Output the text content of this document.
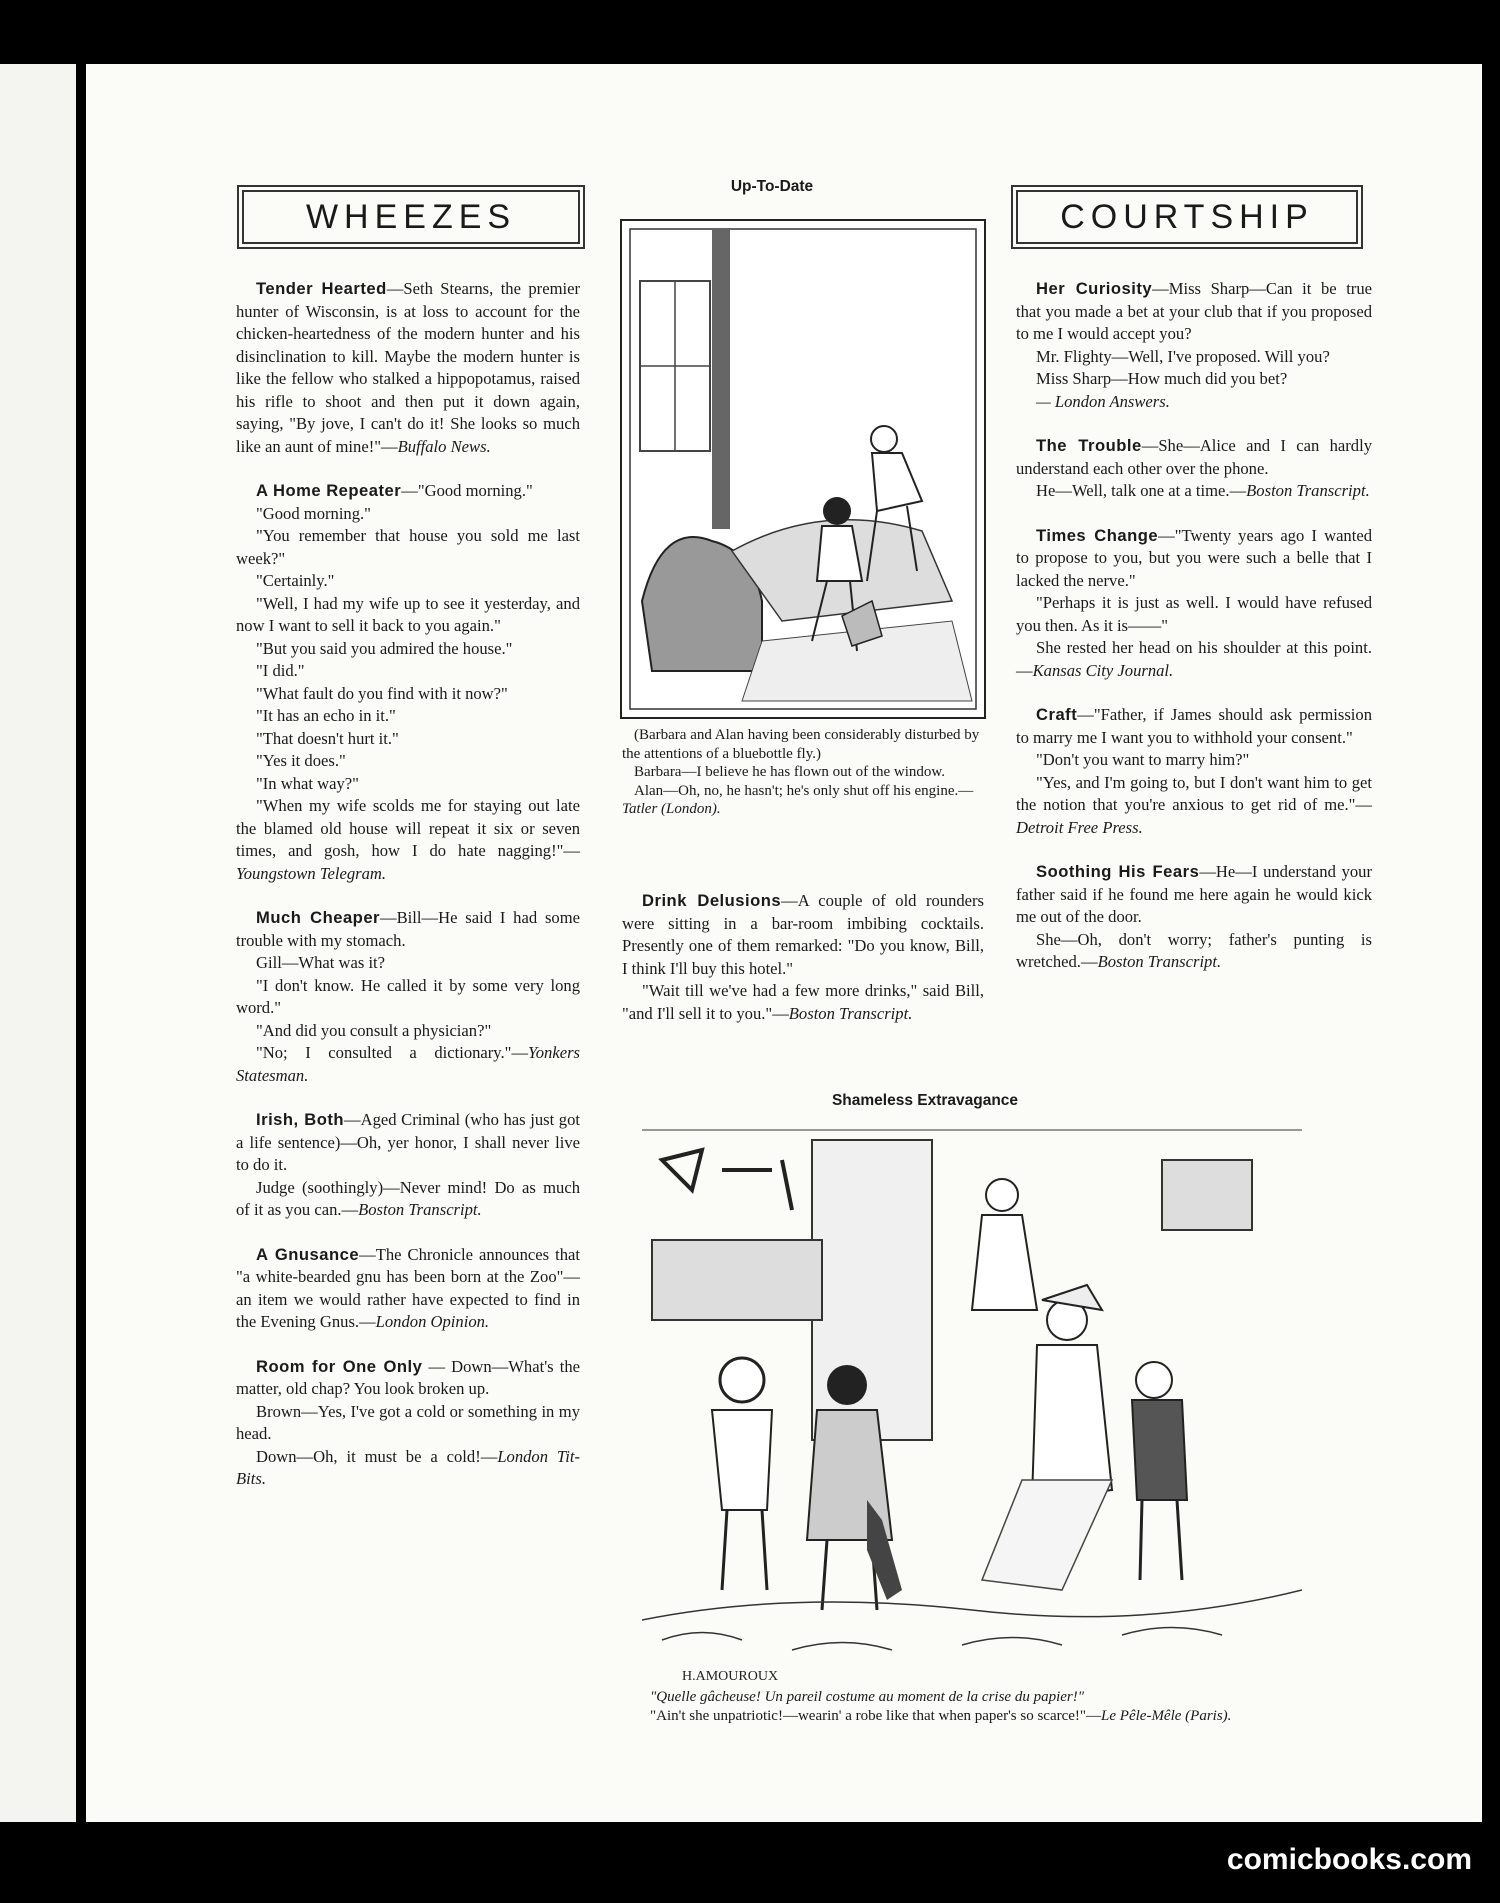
WHEEZES

Tender Hearted—Seth Stearns, the premier hunter of Wisconsin, is at loss to account for the chicken-heartedness of the modern hunter and his disinclination to kill. Maybe the modern hunter is like the fellow who stalked a hippopotamus, raised his rifle to shoot and then put it down again, saying, "By jove, I can't do it! She looks so much like an aunt of mine!"—Buffalo News.

A Home Repeater—"Good morning."

"Good morning."

"You remember that house you sold me last week?"

"Certainly."

"Well, I had my wife up to see it yesterday, and now I want to sell it back to you again."

"But you said you admired the house."

"I did."

"What fault do you find with it now?"

"It has an echo in it."

"That doesn't hurt it."

"Yes it does."

"In what way?"

"When my wife scolds me for staying out late the blamed old house will repeat it six or seven times, and gosh, how I do hate nagging!"—Youngstown Telegram.

Much Cheaper—Bill—He said I had some trouble with my stomach.

Gill—What was it?

"I don't know. He called it by some very long word."

"And did you consult a physician?"

"No; I consulted a dictionary."—Yonkers Statesman.

Irish, Both—Aged Criminal (who has just got a life sentence)—Oh, yer honor, I shall never live to do it.

Judge (soothingly)—Never mind! Do as much of it as you can.—Boston Transcript.

A Gnusance—The Chronicle announces that "a white-bearded gnu has been born at the Zoo"—an item we would rather have expected to find in the Evening Gnus.—London Opinion.

Room for One Only — Down—What's the matter, old chap? You look broken up.

Brown—Yes, I've got a cold or something in my head.

Down—Oh, it must be a cold!—London Tit-Bits.

Up-To-Date

(Barbara and Alan having been considerably disturbed by the attentions of a bluebottle fly.)

Barbara—I believe he has flown out of the window.

Alan—Oh, no, he hasn't; he's only shut off his engine.—Tatler (London).

Drink Delusions—A couple of old rounders were sitting in a bar-room imbibing cocktails. Presently one of them remarked: "Do you know, Bill, I think I'll buy this hotel."

"Wait till we've had a few more drinks," said Bill, "and I'll sell it to you."—Boston Transcript.

Shameless Extravagance
H.AMOUROUX

"Quelle gâcheuse! Un pareil costume au moment de la crise du papier!"

"Ain't she unpatriotic!—wearin' a robe like that when paper's so scarce!"—Le Pêle-Mêle (Paris).

COURTSHIP

Her Curiosity—Miss Sharp—Can it be true that you made a bet at your club that if you proposed to me I would accept you?

Mr. Flighty—Well, I've proposed. Will you?

Miss Sharp—How much did you bet?

— London Answers.

The Trouble—She—Alice and I can hardly understand each other over the phone.

He—Well, talk one at a time.—Boston Transcript.

Times Change—"Twenty years ago I wanted to propose to you, but you were such a belle that I lacked the nerve."

"Perhaps it is just as well. I would have refused you then. As it is——"

She rested her head on his shoulder at this point.—Kansas City Journal.

Craft—"Father, if James should ask permission to marry me I want you to withhold your consent."

"Don't you want to marry him?"

"Yes, and I'm going to, but I don't want him to get the notion that you're anxious to get rid of me."—Detroit Free Press.

Soothing His Fears—He—I understand your father said if he found me here again he would kick me out of the door.

She—Oh, don't worry; father's punting is wretched.—Boston Transcript.

comicbooks.com
